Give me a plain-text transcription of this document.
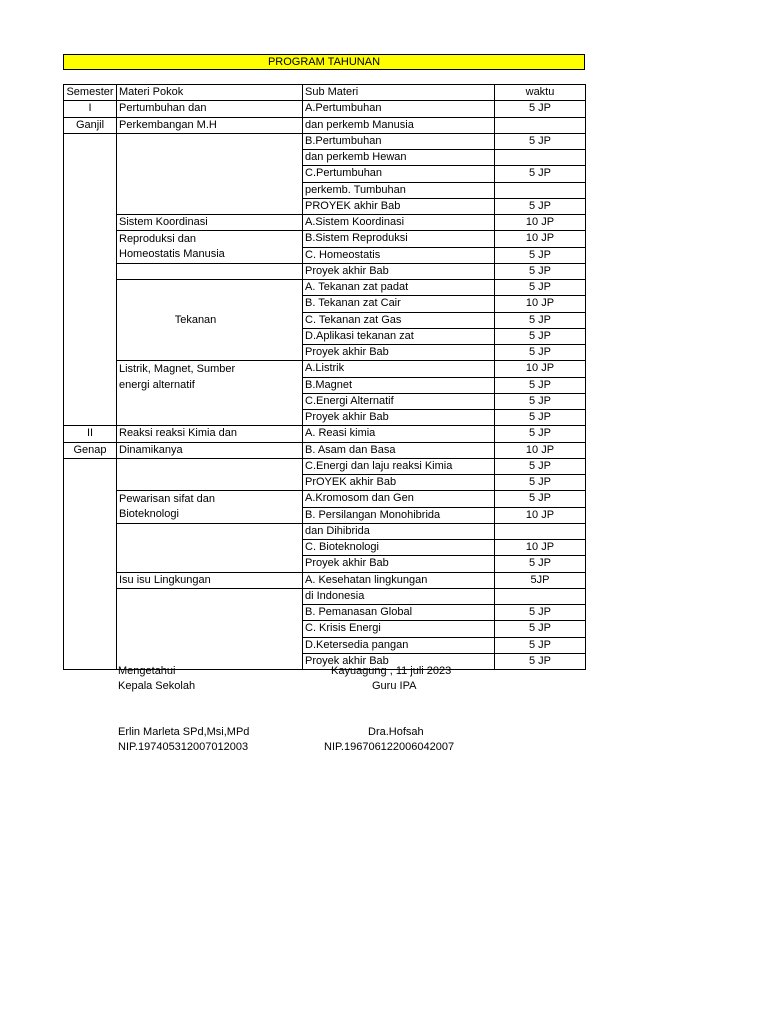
PROGRAM TAHUNAN
Semester	Materi Pokok	Sub Materi	waktu
I	Pertumbuhan dan	A.Pertumbuhan	5 JP
Ganjil	Perkembangan M.H	dan perkemb Manusia	
		B.Pertumbuhan	5 JP
		dan perkemb Hewan	
		C.Pertumbuhan	5 JP
		perkemb. Tumbuhan	
		PROYEK akhir Bab	5 JP
	Sistem Koordinasi	A.Sistem Koordinasi	10 JP
	Reproduksi dan	B.Sistem Reproduksi	10 JP
	Homeostatis Manusia	C. Homeostatis	5 JP
		Proyek akhir Bab	5 JP
		A. Tekanan zat padat	5 JP
		B. Tekanan zat Cair	10 JP
	Tekanan	C. Tekanan zat Gas	5 JP
		D.Aplikasi tekanan zat	5 JP
		Proyek akhir Bab	5 JP
	Listrik, Magnet, Sumber	A.Listrik	10 JP
	energi alternatif	B.Magnet	5 JP
		C.Energi Alternatif	5 JP
		Proyek akhir Bab	5 JP
II	Reaksi reaksi Kimia dan	A. Reasi kimia	5 JP
Genap	Dinamikanya	B. Asam dan Basa	10 JP
		C.Energi dan laju reaksi Kimia	5 JP
		PrOYEK akhir Bab	5 JP
	Pewarisan sifat dan	A.Kromosom dan Gen	5 JP
	Bioteknologi	B. Persilangan Monohibrida	10 JP
		dan Dihibrida	
		C. Bioteknologi	10 JP
		Proyek akhir Bab	5 JP
	Isu isu Lingkungan	A. Kesehatan lingkungan	5JP
		di Indonesia	
		B. Pemanasan Global	5 JP
		C. Krisis Energi	5 JP
		D.Ketersedia pangan	5 JP
		Proyek akhir Bab	5 JP
Mengetahui
Kepala Sekolah
Erlin Marleta SPd,Msi,MPd
NIP.197405312007012003
Kayuagung , 11 juli 2023
Guru IPA
Dra.Hofsah
NIP.196706122006042007
